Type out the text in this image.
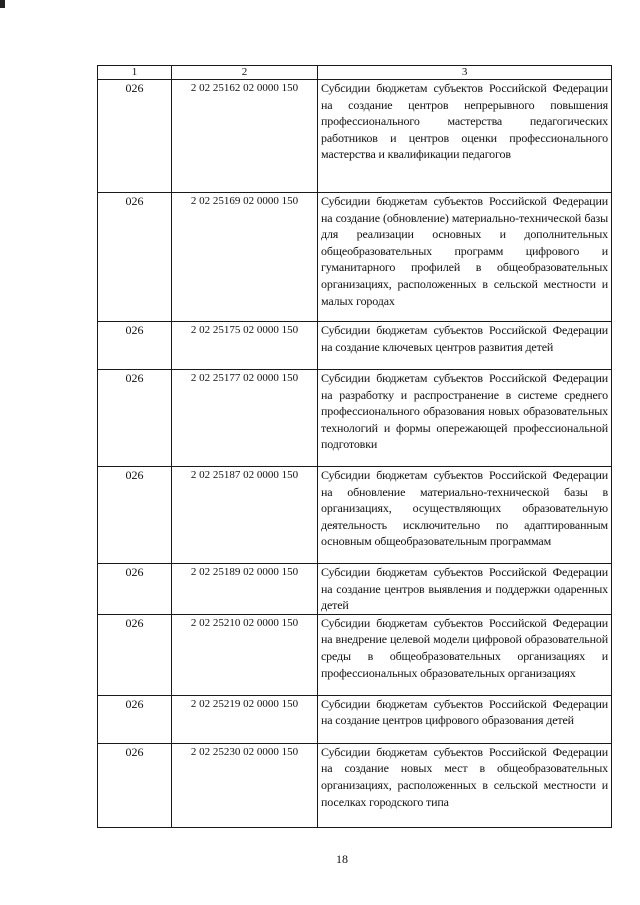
1	2	3
026	2 02 25162 02 0000 150	Субсидии бюджетам субъектов Российской Федерации на создание центров непрерывного повышения профессионального мастерства педагогических работников и центров оценки профессионального мастерства и квалификации педагогов
026	2 02 25169 02 0000 150	Субсидии бюджетам субъектов Российской Федерации на создание (обновление) материально-технической базы для реализации основных и дополнительных общеобразовательных программ цифрового и гуманитарного профилей в общеобразовательных организациях, расположенных в сельской местности и малых городах
026	2 02 25175 02 0000 150	Субсидии бюджетам субъектов Российской Федерации на создание ключевых центров развития детей
026	2 02 25177 02 0000 150	Субсидии бюджетам субъектов Российской Федерации на разработку и распространение в системе среднего профессионального образования новых образовательных технологий и формы опережающей профессиональной подготовки
026	2 02 25187 02 0000 150	Субсидии бюджетам субъектов Российской Федерации на обновление материально-технической базы в организациях, осуществляющих образовательную деятельность исключительно по адаптированным основным общеобразовательным программам
026	2 02 25189 02 0000 150	Субсидии бюджетам субъектов Российской Федерации на создание центров выявления и поддержки одаренных детей
026	2 02 25210 02 0000 150	Субсидии бюджетам субъектов Российской Федерации на внедрение целевой модели цифровой образовательной среды в общеобразовательных организациях и профессиональных образовательных организациях
026	2 02 25219 02 0000 150	Субсидии бюджетам субъектов Российской Федерации на создание центров цифрового образования детей
026	2 02 25230 02 0000 150	Субсидии бюджетам субъектов Российской Федерации на создание новых мест в общеобразовательных организациях, расположенных в сельской местности и поселках городского типа
18
